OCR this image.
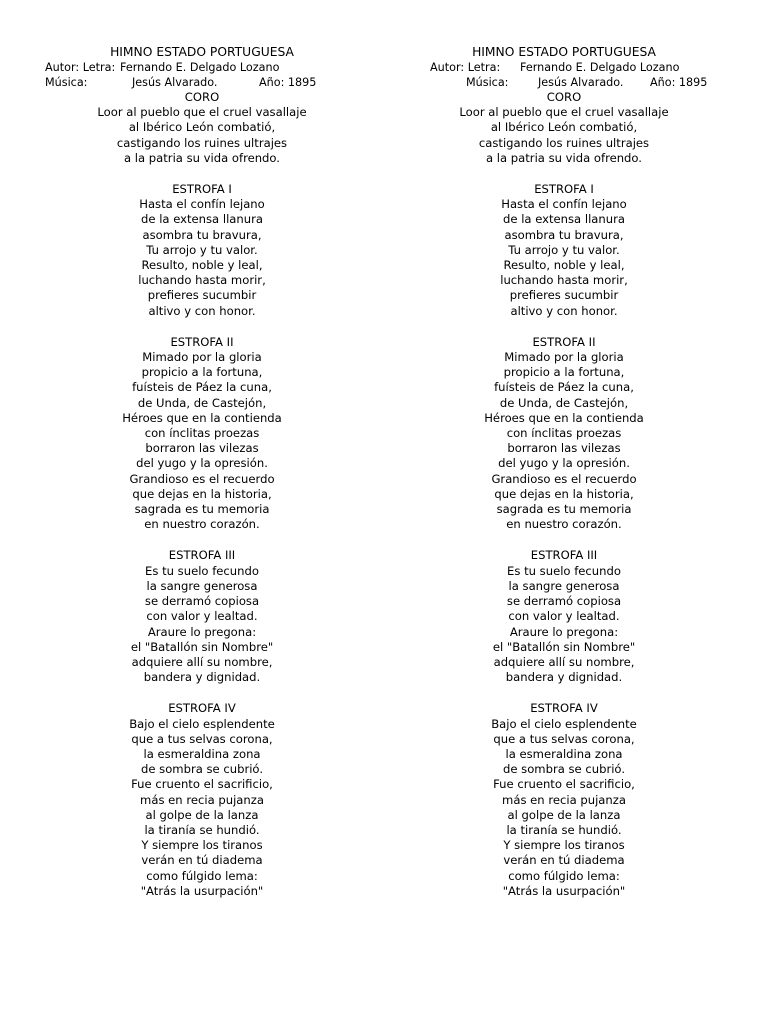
HIMNO ESTADO PORTUGUESA
Autor: Letra: Fernando E. Delgado Lozano
Música:	Jesús Alvarado.	Año: 1895
CORO
Loor al pueblo que el cruel vasallaje
al Ibérico León combatió,
castigando los ruines ultrajes
a la patria su vida ofrendo.
ESTROFA I
Hasta el confín lejano
de la extensa llanura
asombra tu bravura,
Tu arrojo y tu valor.
Resulto, noble y leal,
luchando hasta morir,
prefieres sucumbir
altivo y con honor.
ESTROFA II
Mimado por la gloria
propicio a la fortuna,
fuísteis de Páez la cuna,
de Unda, de Castejón,
Héroes que en la contienda
con ínclitas proezas
borraron las vilezas
del yugo y la opresión.
Grandioso es el recuerdo
que dejas en la historia,
sagrada es tu memoria
en nuestro corazón.
ESTROFA III
Es tu suelo fecundo
la sangre generosa
se derramó copiosa
con valor y lealtad.
Araure lo pregona:
el "Batallón sin Nombre"
adquiere allí su nombre,
bandera y dignidad.
ESTROFA IV
Bajo el cielo esplendente
que a tus selvas corona,
la esmeraldina zona
de sombra se cubrió.
Fue cruento el sacrificio,
más en recia pujanza
al golpe de la lanza
la tiranía se hundió.
Y siempre los tiranos
verán en tú diadema
como fúlgido lema:
"Atrás la usurpación"
HIMNO ESTADO PORTUGUESA
Autor: Letra: Fernando E. Delgado Lozano
Música:	Jesús Alvarado. Año: 1895
CORO
Loor al pueblo que el cruel vasallaje
al Ibérico León combatió,
castigando los ruines ultrajes
a la patria su vida ofrendo.
ESTROFA I
Hasta el confín lejano
de la extensa llanura
asombra tu bravura,
Tu arrojo y tu valor.
Resulto, noble y leal,
luchando hasta morir,
prefieres sucumbir
altivo y con honor.
ESTROFA II
Mimado por la gloria
propicio a la fortuna,
fuísteis de Páez la cuna,
de Unda, de Castejón,
Héroes que en la contienda
con ínclitas proezas
borraron las vilezas
del yugo y la opresión.
Grandioso es el recuerdo
que dejas en la historia,
sagrada es tu memoria
en nuestro corazón.
ESTROFA III
Es tu suelo fecundo
la sangre generosa
se derramó copiosa
con valor y lealtad.
Araure lo pregona:
el "Batallón sin Nombre"
adquiere allí su nombre,
bandera y dignidad.
ESTROFA IV
Bajo el cielo esplendente
que a tus selvas corona,
la esmeraldina zona
de sombra se cubrió.
Fue cruento el sacrificio,
más en recia pujanza
al golpe de la lanza
la tiranía se hundió.
Y siempre los tiranos
verán en tú diadema
como fúlgido lema:
"Atrás la usurpación"
